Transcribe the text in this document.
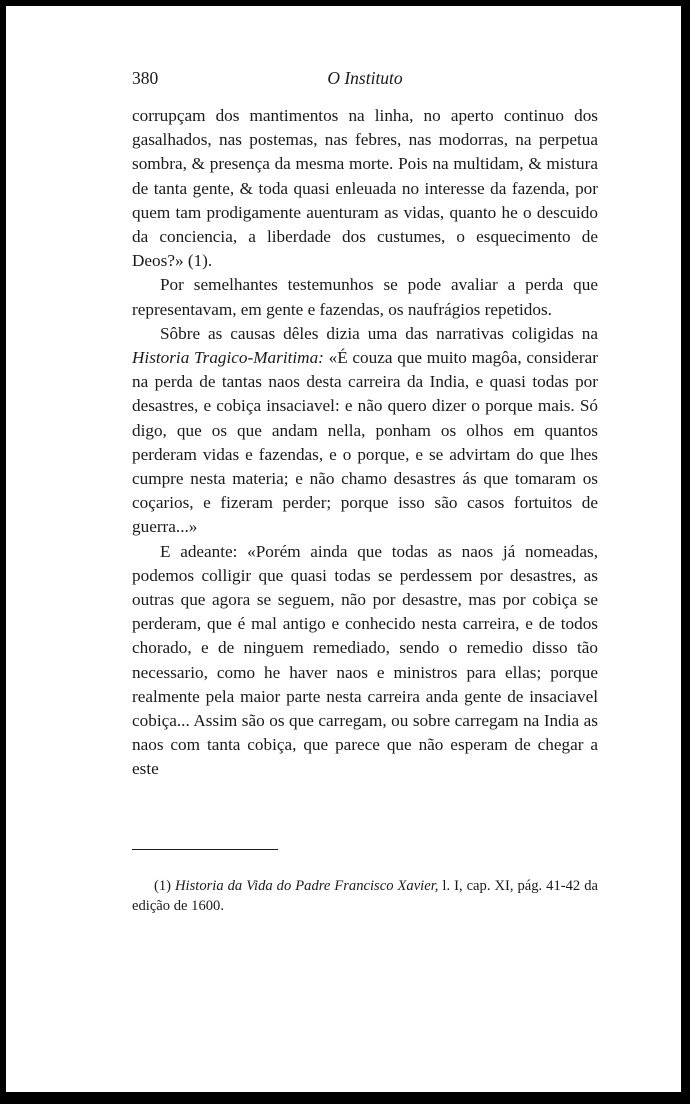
380	O Instituto

corrupçam dos mantimentos na linha, no aperto continuo dos gasalhados, nas postemas, nas febres, nas modorras, na perpetua sombra, & presença da mesma morte. Pois na multidam, & mistura de tanta gente, & toda quasi enleuada no interesse da fazenda, por quem tam prodigamente auenturam as vidas, quanto he o descuido da conciencia, a liberdade dos custumes, o esquecimento de Deos?» (1).

Por semelhantes testemunhos se pode avaliar a perda que representavam, em gente e fazendas, os naufrágios repetidos.

Sôbre as causas dêles dizia uma das narrativas coligidas na Historia Tragico-Maritima: «É couza que muito magôa, considerar na perda de tantas naos desta carreira da India, e quasi todas por desastres, e cobiça insaciavel: e não quero dizer o porque mais. Só digo, que os que andam nella, ponham os olhos em quantos perderam vidas e fazendas, e o porque, e se advirtam do que lhes cumpre nesta materia; e não chamo desastres ás que tomaram os coçarios, e fizeram perder; porque isso são casos fortuitos de guerra...»

E adeante: «Porém ainda que todas as naos já nomeadas, podemos colligir que quasi todas se perdessem por desastres, as outras que agora se seguem, não por desastre, mas por cobiça se perderam, que é mal antigo e conhecido nesta carreira, e de todos chorado, e de ninguem remediado, sendo o remedio disso tão necessario, como he haver naos e ministros para ellas; porque realmente pela maior parte nesta carreira anda gente de insaciavel cobiça... Assim são os que carregam, ou sobre carregam na India as naos com tanta cobiça, que parece que não esperam de chegar a este

(1) Historia da Vida do Padre Francisco Xavier, l. I, cap. XI, pág. 41-42 da edição de 1600.
